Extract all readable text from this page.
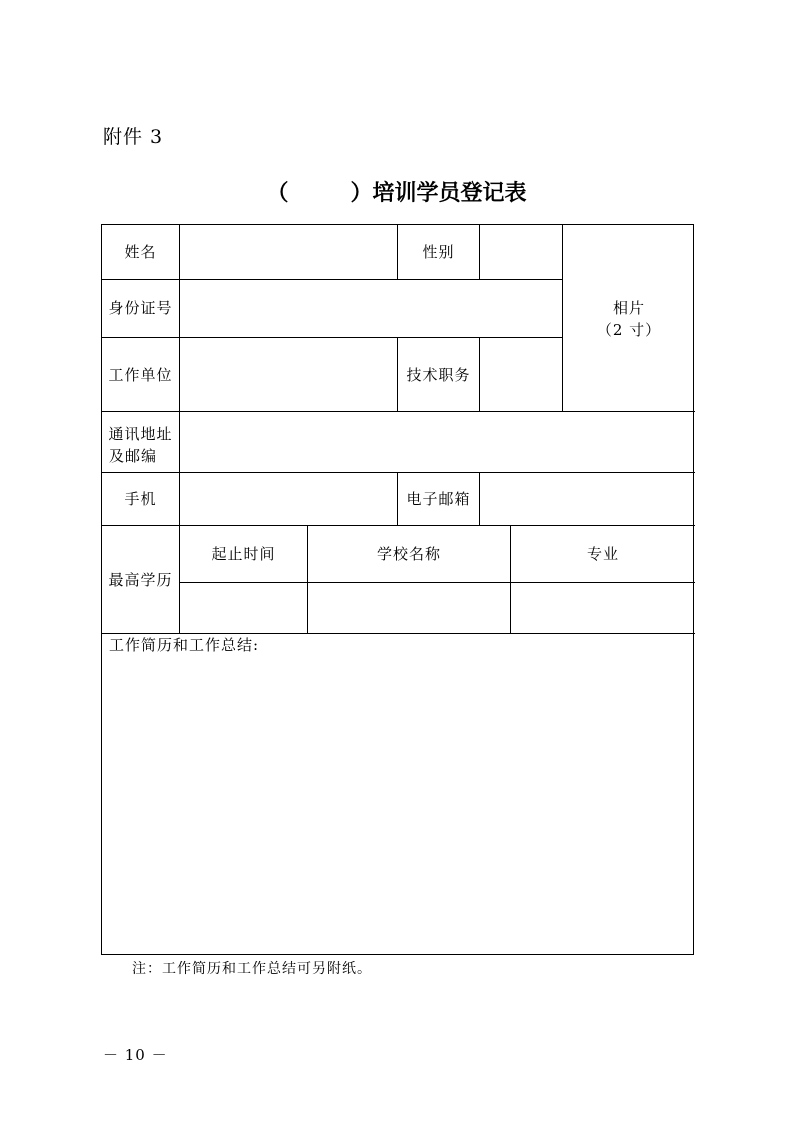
附件 3
（	）培训学员登记表
姓名	性别
相片
（2 寸）
身份证号
工作单位	技术职务
通讯地址
及邮编
手机	电子邮箱
最高学历
起止时间	学校名称	专业
工作简历和工作总结:
注：工作简历和工作总结可另附纸。
－ 10 －
